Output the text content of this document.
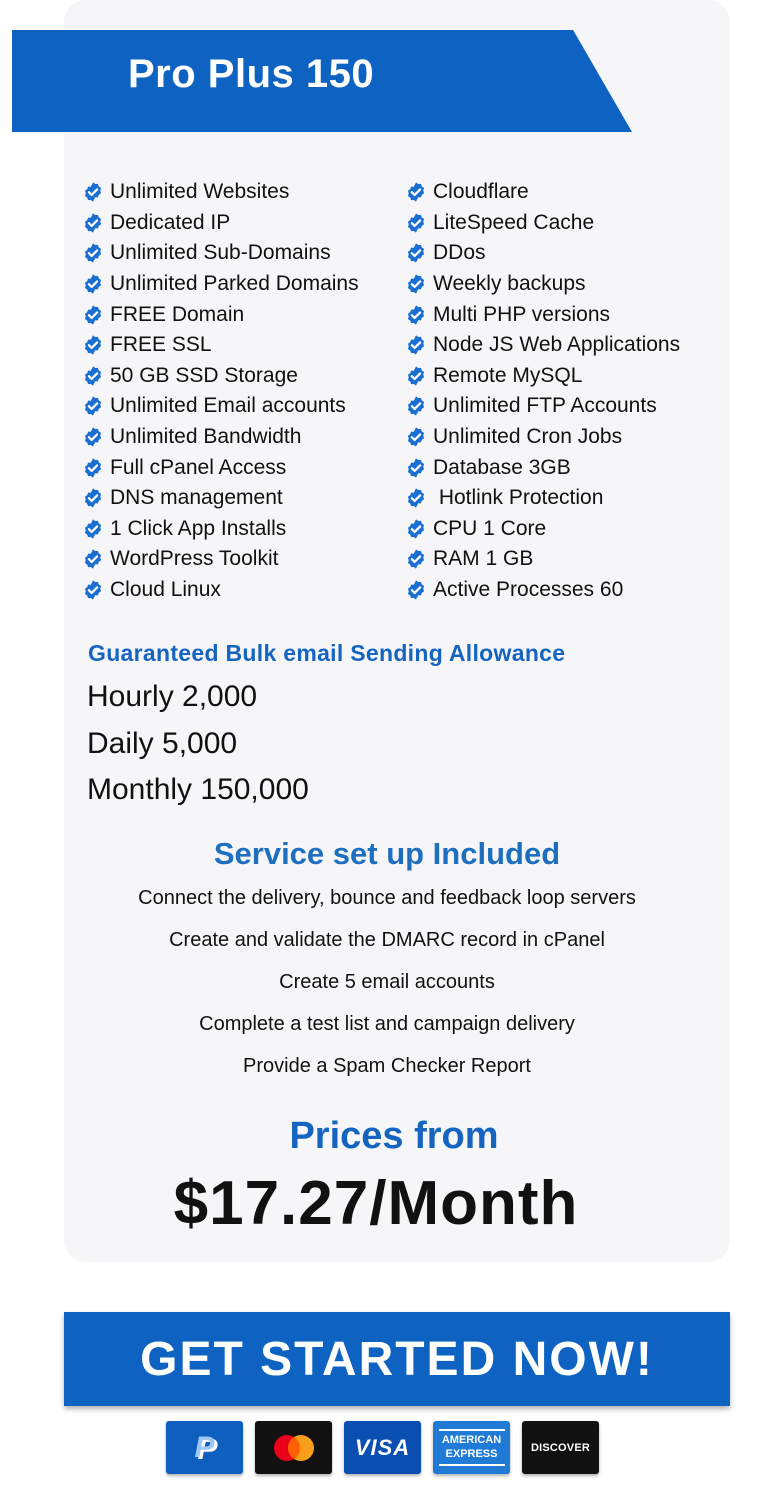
Pro Plus 150
Unlimited Websites
Dedicated IP
Unlimited Sub-Domains
Unlimited Parked Domains
FREE Domain
FREE SSL
50 GB SSD Storage
Unlimited Email accounts
Unlimited Bandwidth
Full cPanel Access
DNS management
1 Click App Installs
WordPress Toolkit
Cloud Linux
Cloudflare
LiteSpeed Cache
DDos
Weekly backups
Multi PHP versions
Node JS Web Applications
Remote MySQL
Unlimited FTP Accounts
Unlimited Cron Jobs
Database 3GB
Hotlink Protection
CPU 1 Core
RAM 1 GB
Active Processes 60
Guaranteed Bulk email Sending Allowance
Hourly 2,000
Daily 5,000
Monthly 150,000
Service set up Included
Connect the delivery, bounce and feedback loop servers
Create and validate the DMARC record in cPanel
Create 5 email accounts
Complete a test list and campaign delivery
Provide a Spam Checker Report
Prices from
$17.27/Month
GET STARTED NOW!
P	VISA	AMERICAN EXPRESS	DISCOVER
